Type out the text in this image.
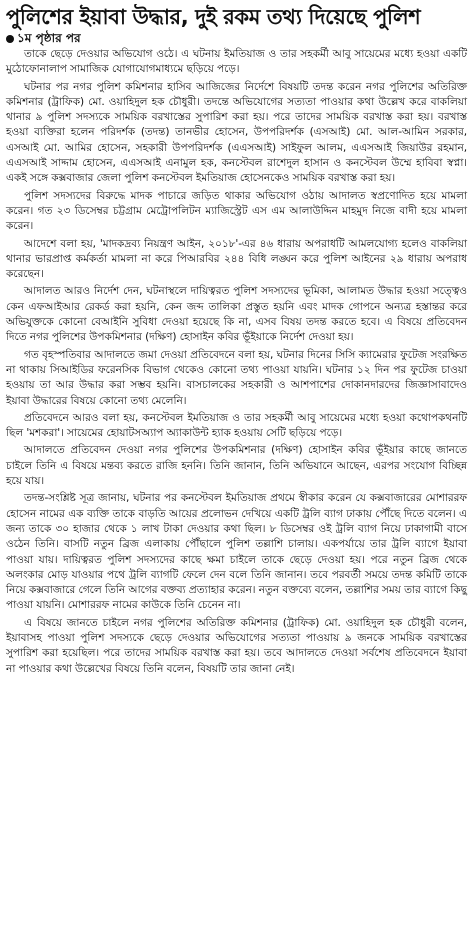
পুলিশের ইয়াবা উদ্ধার, দুই রকম তথ্য দিয়েছে পুলিশ
১ম পৃষ্ঠার পর

তাকে ছেড়ে দেওয়ার অভিযোগ ওঠে। এ ঘটনায় ইমতিয়াজ ও তার সহকর্মী আবু সায়েমের মধ্যে হওয়া একটি মুঠোফোনালাপ সামাজিক যোগাযোগমাধ্যমে ছড়িয়ে পড়ে।

ঘটনার পর নগর পুলিশ কমিশনার হাসিব আজিজের নির্দেশে বিষয়টি তদন্ত করেন নগর পুলিশের অতিরিক্ত কমিশনার (ট্রাফিক) মো. ওয়াহিদুল হক চৌধুরী। তদন্তে অভিযোগের সত্যতা পাওয়ার কথা উল্লেখ করে বাকলিয়া থানার ৯ পুলিশ সদস্যকে সাময়িক বরখাস্তের সুপারিশ করা হয়। পরে তাদের সাময়িক বরখাস্ত করা হয়। বরখাস্ত হওয়া ব্যক্তিরা হলেন পরিদর্শক (তদন্ত) তানভীর হোসেন, উপপরিদর্শক (এসআই) মো. আল-আমিন সরকার, এসআই মো. আমির হোসেন, সহকারী উপপরিদর্শক (এএসআই) সাইফুল আলম, এএসআই জিয়াউর রহমান, এএসআই সাদ্দাম হোসেন, এএসআই এনামুল হক, কনস্টেবল রাশেদুল হাসান ও কনস্টেবল উম্মে হাবিবা স্বপ্না। একই সঙ্গে কক্সবাজার জেলা পুলিশ কনস্টেবল ইমতিয়াজ হোসেনকেও সাময়িক বরখাস্ত করা হয়।

পুলিশ সদস্যদের বিরুদ্ধে মাদক পাচারে জড়িত থাকার অভিযোগ ওঠায় আদালত স্বপ্রণোদিত হয়ে মামলা করেন। গত ২৩ ডিসেম্বর চট্টগ্রাম মেট্রোপলিটন ম্যাজিস্ট্রেট এস এম আলাউদ্দিন মাহমুদ নিজে বাদী হয়ে মামলা করেন।

আদেশে বলা হয়, 'মাদকদ্রব্য নিয়ন্ত্রণ আইন, ২০১৮'-এর ৪৬ ধারায় অপরাধটি আমলযোগ্য হলেও বাকলিয়া থানার ভারপ্রাপ্ত কর্মকর্তা মামলা না করে পিআরবির ২৪৪ বিধি লঙ্ঘন করে পুলিশ আইনের ২৯ ধারায় অপরাধ করেছেন।

আদালত আরও নির্দেশ দেন, ঘটনাস্থলে দায়িত্বরত পুলিশ সদস্যদের ভূমিকা, আলামত উদ্ধার হওয়া সত্ত্বেও কেন এফআইআর রেকর্ড করা হয়নি, কেন জব্দ তালিকা প্রস্তুত হয়নি এবং মাদক গোপনে অন্যত্র হস্তান্তর করে অভিযুক্তকে কোনো বেআইনি সুবিধা দেওয়া হয়েছে কি না, এসব বিষয় তদন্ত করতে হবে। এ বিষয়ে প্রতিবেদন দিতে নগর পুলিশের উপকমিশনার (দক্ষিণ) হোসাইন কবির ভূঁইয়াকে নির্দেশ দেওয়া হয়।

গত বৃহস্পতিবার আদালতে জমা দেওয়া প্রতিবেদনে বলা হয়, ঘটনার দিনের সিসি ক্যামেরার ফুটেজ সংরক্ষিত না থাকায় সিআইডির ফরেনসিক বিভাগ থেকেও কোনো তথ্য পাওয়া যায়নি। ঘটনার ১২ দিন পর ফুটেজ চাওয়া হওয়ায় তা আর উদ্ধার করা সম্ভব হয়নি। বাসচালকের সহকারী ও আশপাশের দোকানদারদের জিজ্ঞাসাবাদেও ইয়াবা উদ্ধারের বিষয়ে কোনো তথ্য মেলেনি।

প্রতিবেদনে আরও বলা হয়, কনস্টেবল ইমতিয়াজ ও তার সহকর্মী আবু সায়েমের মধ্যে হওয়া কথোপকথনটি ছিল 'মশকরা'। সায়েমের হোয়াটসঅ্যাপ অ্যাকাউন্ট হ্যাক হওয়ায় সেটি ছড়িয়ে পড়ে।

আদালতে প্রতিবেদন দেওয়া নগর পুলিশের উপকমিশনার (দক্ষিণ) হোসাইন কবির ভূঁইয়ার কাছে জানতে চাইলে তিনি এ বিষয়ে মন্তব্য করতে রাজি হননি। তিনি জানান, তিনি অভিযানে আছেন, এরপর সংযোগ বিচ্ছিন্ন হয়ে যায়।

তদন্ত-সংশ্লিষ্ট সূত্র জানায়, ঘটনার পর কনস্টেবল ইমতিয়াজ প্রথমে স্বীকার করেন যে কক্সবাজারের মোশাররফ হোসেন নামের এক ব্যক্তি তাকে বাড়তি আয়ের প্রলোভন দেখিয়ে একটি ট্রলি ব্যাগ ঢাকায় পৌঁছে দিতে বলেন। এ জন্য তাকে ৩০ হাজার থেকে ১ লাখ টাকা দেওয়ার কথা ছিল। ৮ ডিসেম্বর ওই ট্রলি ব্যাগ নিয়ে ঢাকাগামী বাসে ওঠেন তিনি। বাসটি নতুন ব্রিজ এলাকায় পৌঁছালে পুলিশ তল্লাশি চালায়। একপর্যায়ে তার ট্রলি ব্যাগে ইয়াবা পাওয়া যায়। দায়িত্বরত পুলিশ সদস্যদের কাছে ক্ষমা চাইলে তাকে ছেড়ে দেওয়া হয়। পরে নতুন ব্রিজ থেকে অলংকার মোড় যাওয়ার পথে ট্রলি ব্যাগটি ফেলে দেন বলে তিনি জানান। তবে পরবর্তী সময়ে তদন্ত কমিটি তাকে নিয়ে কক্সবাজারে গেলে তিনি আগের বক্তব্য প্রত্যাহার করেন। নতুন বক্তব্যে বলেন, তল্লাশির সময় তার ব্যাগে কিছু পাওয়া যায়নি। মোশাররফ নামের কাউকে তিনি চেনেন না।

এ বিষয়ে জানতে চাইলে নগর পুলিশের অতিরিক্ত কমিশনার (ট্রাফিক) মো. ওয়াহিদুল হক চৌধুরী বলেন, ইয়াবাসহ পাওয়া পুলিশ সদস্যকে ছেড়ে দেওয়ার অভিযোগের সত্যতা পাওয়ায় ৯ জনকে সাময়িক বরখাস্তের সুপারিশ করা হয়েছিল। পরে তাদের সাময়িক বরখাস্ত করা হয়। তবে আদালতে দেওয়া সর্বশেষ প্রতিবেদনে ইয়াবা না পাওয়ার কথা উল্লেখের বিষয়ে তিনি বলেন, বিষয়টি তার জানা নেই।
